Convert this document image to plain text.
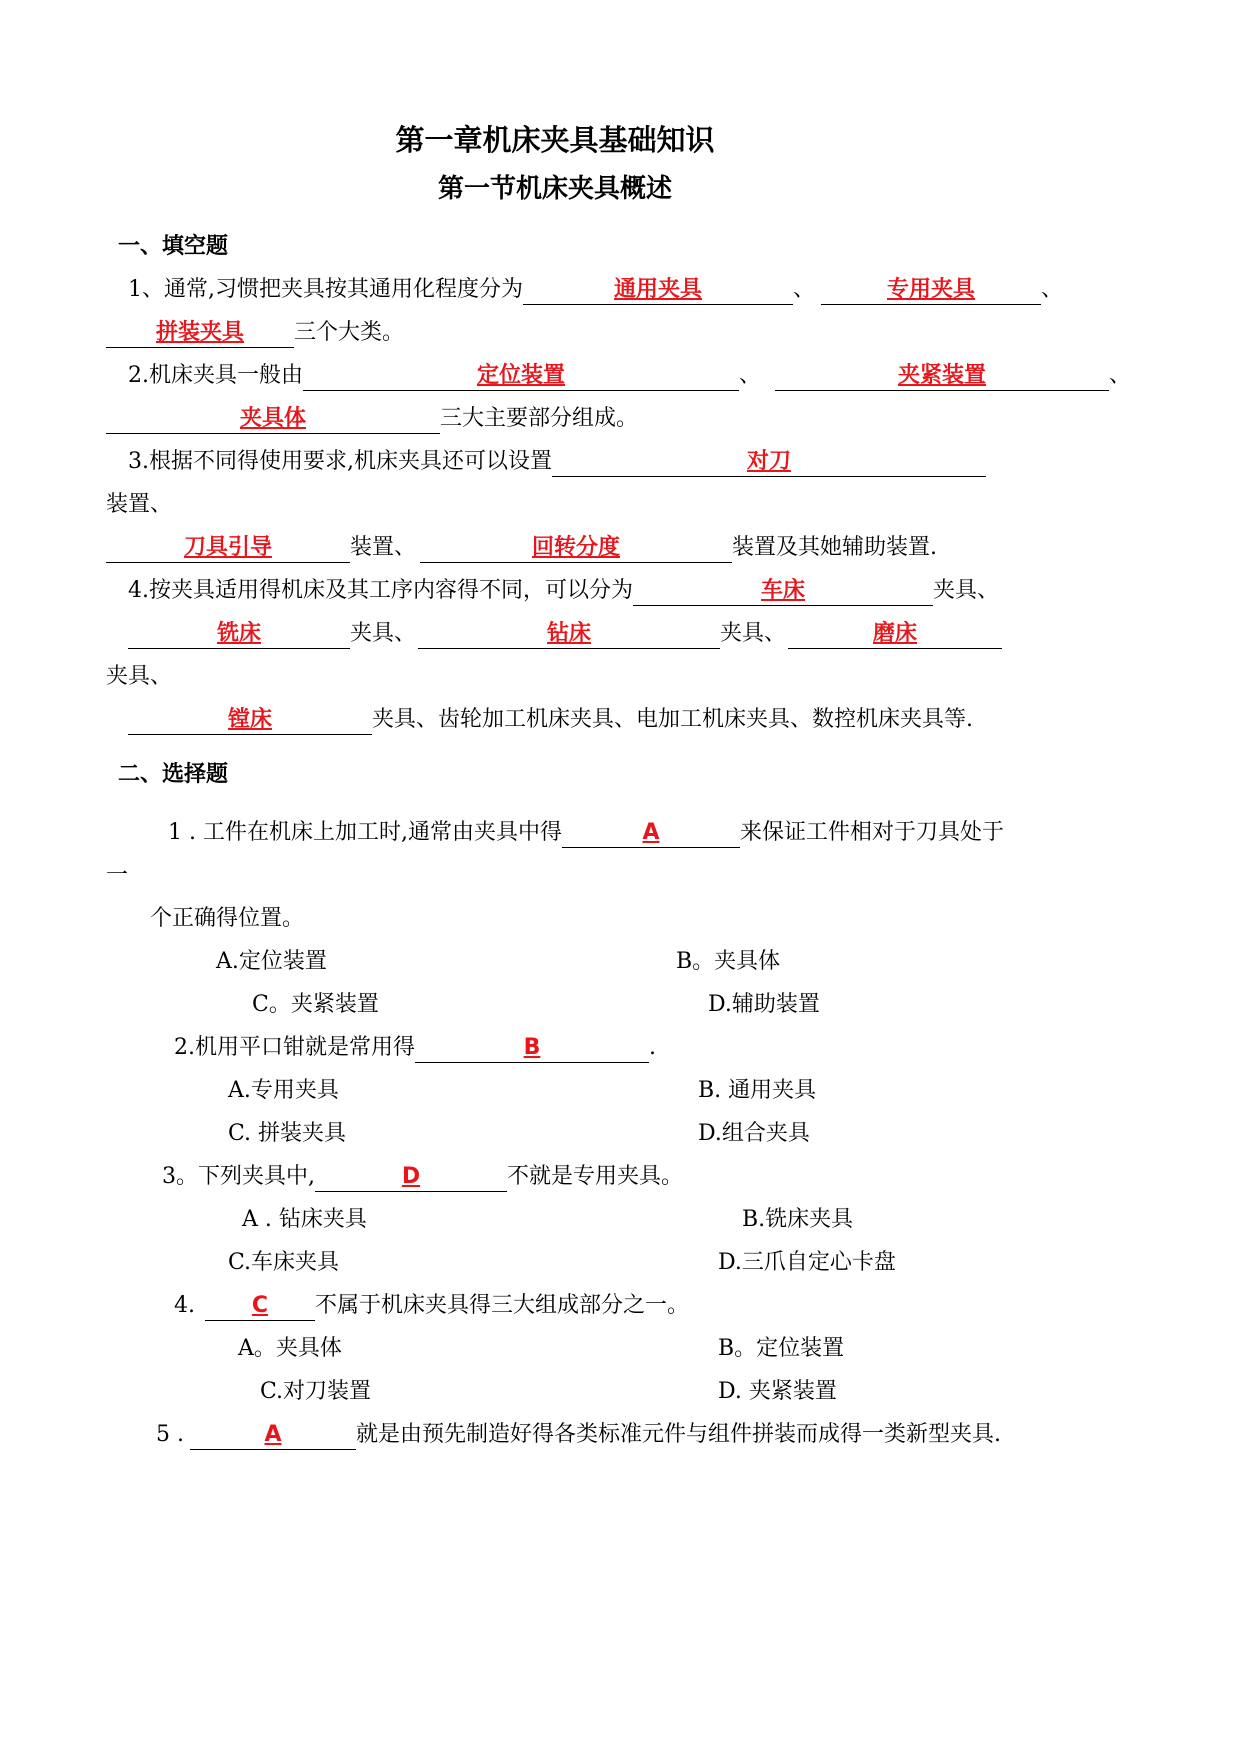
第一章机床夹具基础知识
第一节机床夹具概述
一、填空题
1、通常,习惯把夹具按其通用化程度分为	通用夹具	、	专用夹具	、
拼装夹具 三个大类。
2.机床夹具一般由	定位装置	、	夹紧装置	、
夹具体	三大主要部分组成。
3.根据不同得使用要求,机床夹具还可以设置	对刀
装置、
刀具引导	装置、	回转分度	装置及其她辅助装置.
4.按夹具适用得机床及其工序内容得不同，可以分为	车床	夹具、
铣床	夹具、	钻床	夹具、	磨床
夹具、
镗床	夹具、齿轮加工机床夹具、电加工机床夹具、数控机床夹具等.
二、选择题
1 . 工件在机床上加工时,通常由夹具中得	A	来保证工件相对于刀具处于
一
个正确得位置。
A.定位装置	B。夹具体
C。夹紧装置	D.辅助装置
2.机用平口钳就是常用得	B	.
A.专用夹具	B. 通用夹具
C. 拼装夹具	D.组合夹具
3。下列夹具中,	D	不就是专用夹具。
A . 钻床夹具	B.铣床夹具
C.车床夹具	D.三爪自定心卡盘
4.	C 不属于机床夹具得三大组成部分之一。
A。夹具体	B。定位装置
C.对刀装置	D. 夹紧装置
5 .	A	就是由预先制造好得各类标准元件与组件拼装而成得一类新型夹具.
